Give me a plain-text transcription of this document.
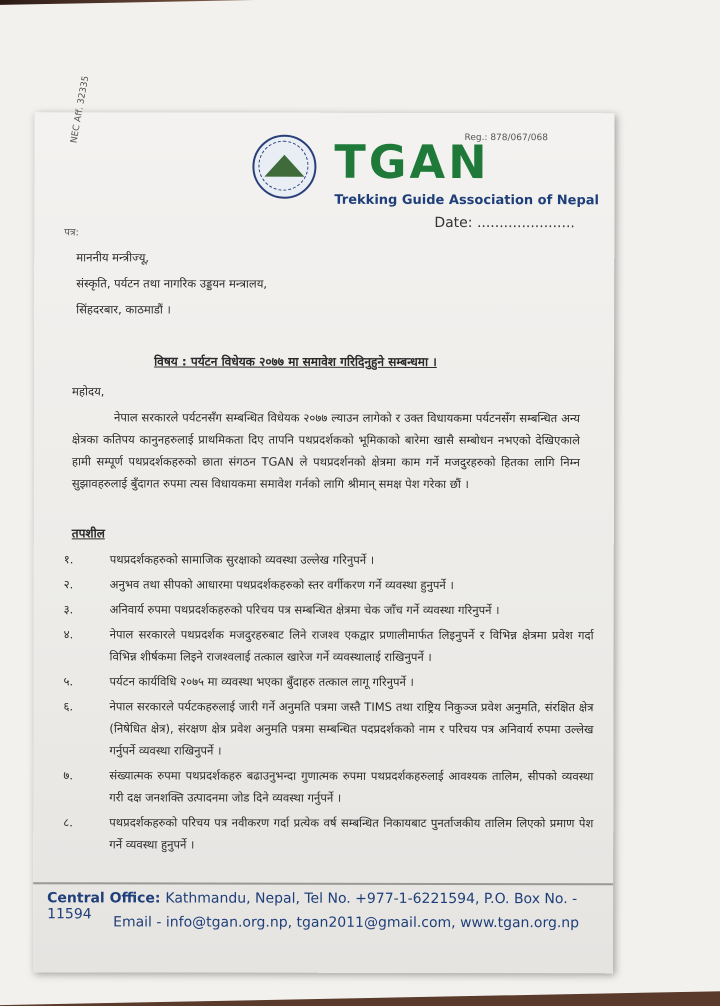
NEC Aff. 32335	Reg.: 878/067/068
TGAN
Trekking Guide Association of Nepal
Date: ......................
पत्र:
माननीय मन्त्रीज्यू,
संस्कृति, पर्यटन तथा नागरिक उड्डयन मन्त्रालय,
सिंहदरबार, काठमाडौं ।
विषय : पर्यटन विधेयक २०७७ मा समावेश गरिदिनुहुने सम्बन्धमा ।
महोदय,
नेपाल सरकारले पर्यटनसँग सम्बन्धित विधेयक २०७७ ल्याउन लागेको र उक्त विधायकमा पर्यटनसँग सम्बन्धित अन्य क्षेत्रका कतिपय कानुनहरुलाई प्राथमिकता दिए तापनि पथप्रदर्शकको भूमिकाको बारेमा खासै सम्बोधन नभएको देखिएकाले हामी सम्पूर्ण पथप्रदर्शकहरुको छाता संगठन TGAN ले पथप्रदर्शनको क्षेत्रमा काम गर्ने मजदुरहरुको हितका लागि निम्न सुझावहरुलाई बुँदागत रुपमा त्यस विधायकमा समावेश गर्नको लागि श्रीमान् समक्ष पेश गरेका छौं ।
तपशील
१.	पथप्रदर्शकहरुको सामाजिक सुरक्षाको व्यवस्था उल्लेख गरिनुपर्ने ।
२.	अनुभव तथा सीपको आधारमा पथप्रदर्शकहरुको स्तर वर्गीकरण गर्ने व्यवस्था हुनुपर्ने ।
३.	अनिवार्य रुपमा पथप्रदर्शकहरुको परिचय पत्र सम्बन्धित क्षेत्रमा चेक जाँच गर्ने व्यवस्था गरिनुपर्ने ।
४.	नेपाल सरकारले पथप्रदर्शक मजदुरहरुबाट लिने राजश्व एकद्वार प्रणालीमार्फत लिइनुपर्ने र विभिन्न क्षेत्रमा प्रवेश गर्दा विभिन्न शीर्षकमा लिइने राजश्वलाई तत्काल खारेज गर्ने व्यवस्थालाई राखिनुपर्ने ।
५.	पर्यटन कार्यविधि २०७५ मा व्यवस्था भएका बुँदाहरु तत्काल लागू गरिनुपर्ने ।
६.	नेपाल सरकारले पर्यटकहरुलाई जारी गर्ने अनुमति पत्रमा जस्तै TIMS तथा राष्ट्रिय निकुञ्ज प्रवेश अनुमति, संरक्षित क्षेत्र (निषेधित क्षेत्र), संरक्षण क्षेत्र प्रवेश अनुमति पत्रमा सम्बन्धित पदप्रदर्शकको नाम र परिचय पत्र अनिवार्य रुपमा उल्लेख गर्नुपर्ने व्यवस्था राखिनुपर्ने ।
७.	संख्यात्मक रुपमा पथप्रदर्शकहरु बढाउनुभन्दा गुणात्मक रुपमा पथप्रदर्शकहरुलाई आवश्यक तालिम, सीपको व्यवस्था गरी दक्ष जनशक्ति उत्पादनमा जोड दिने व्यवस्था गर्नुपर्ने ।
८.	पथप्रदर्शकहरुको परिचय पत्र नवीकरण गर्दा प्रत्येक वर्ष सम्बन्धित निकायबाट पुनर्ताजकीय तालिम लिएको प्रमाण पेश गर्ने व्यवस्था हुनुपर्ने ।
Central Office: Kathmandu, Nepal, Tel No. +977-1-6221594, P.O. Box No. - 11594
Email - info@tgan.org.np, tgan2011@gmail.com, www.tgan.org.np
